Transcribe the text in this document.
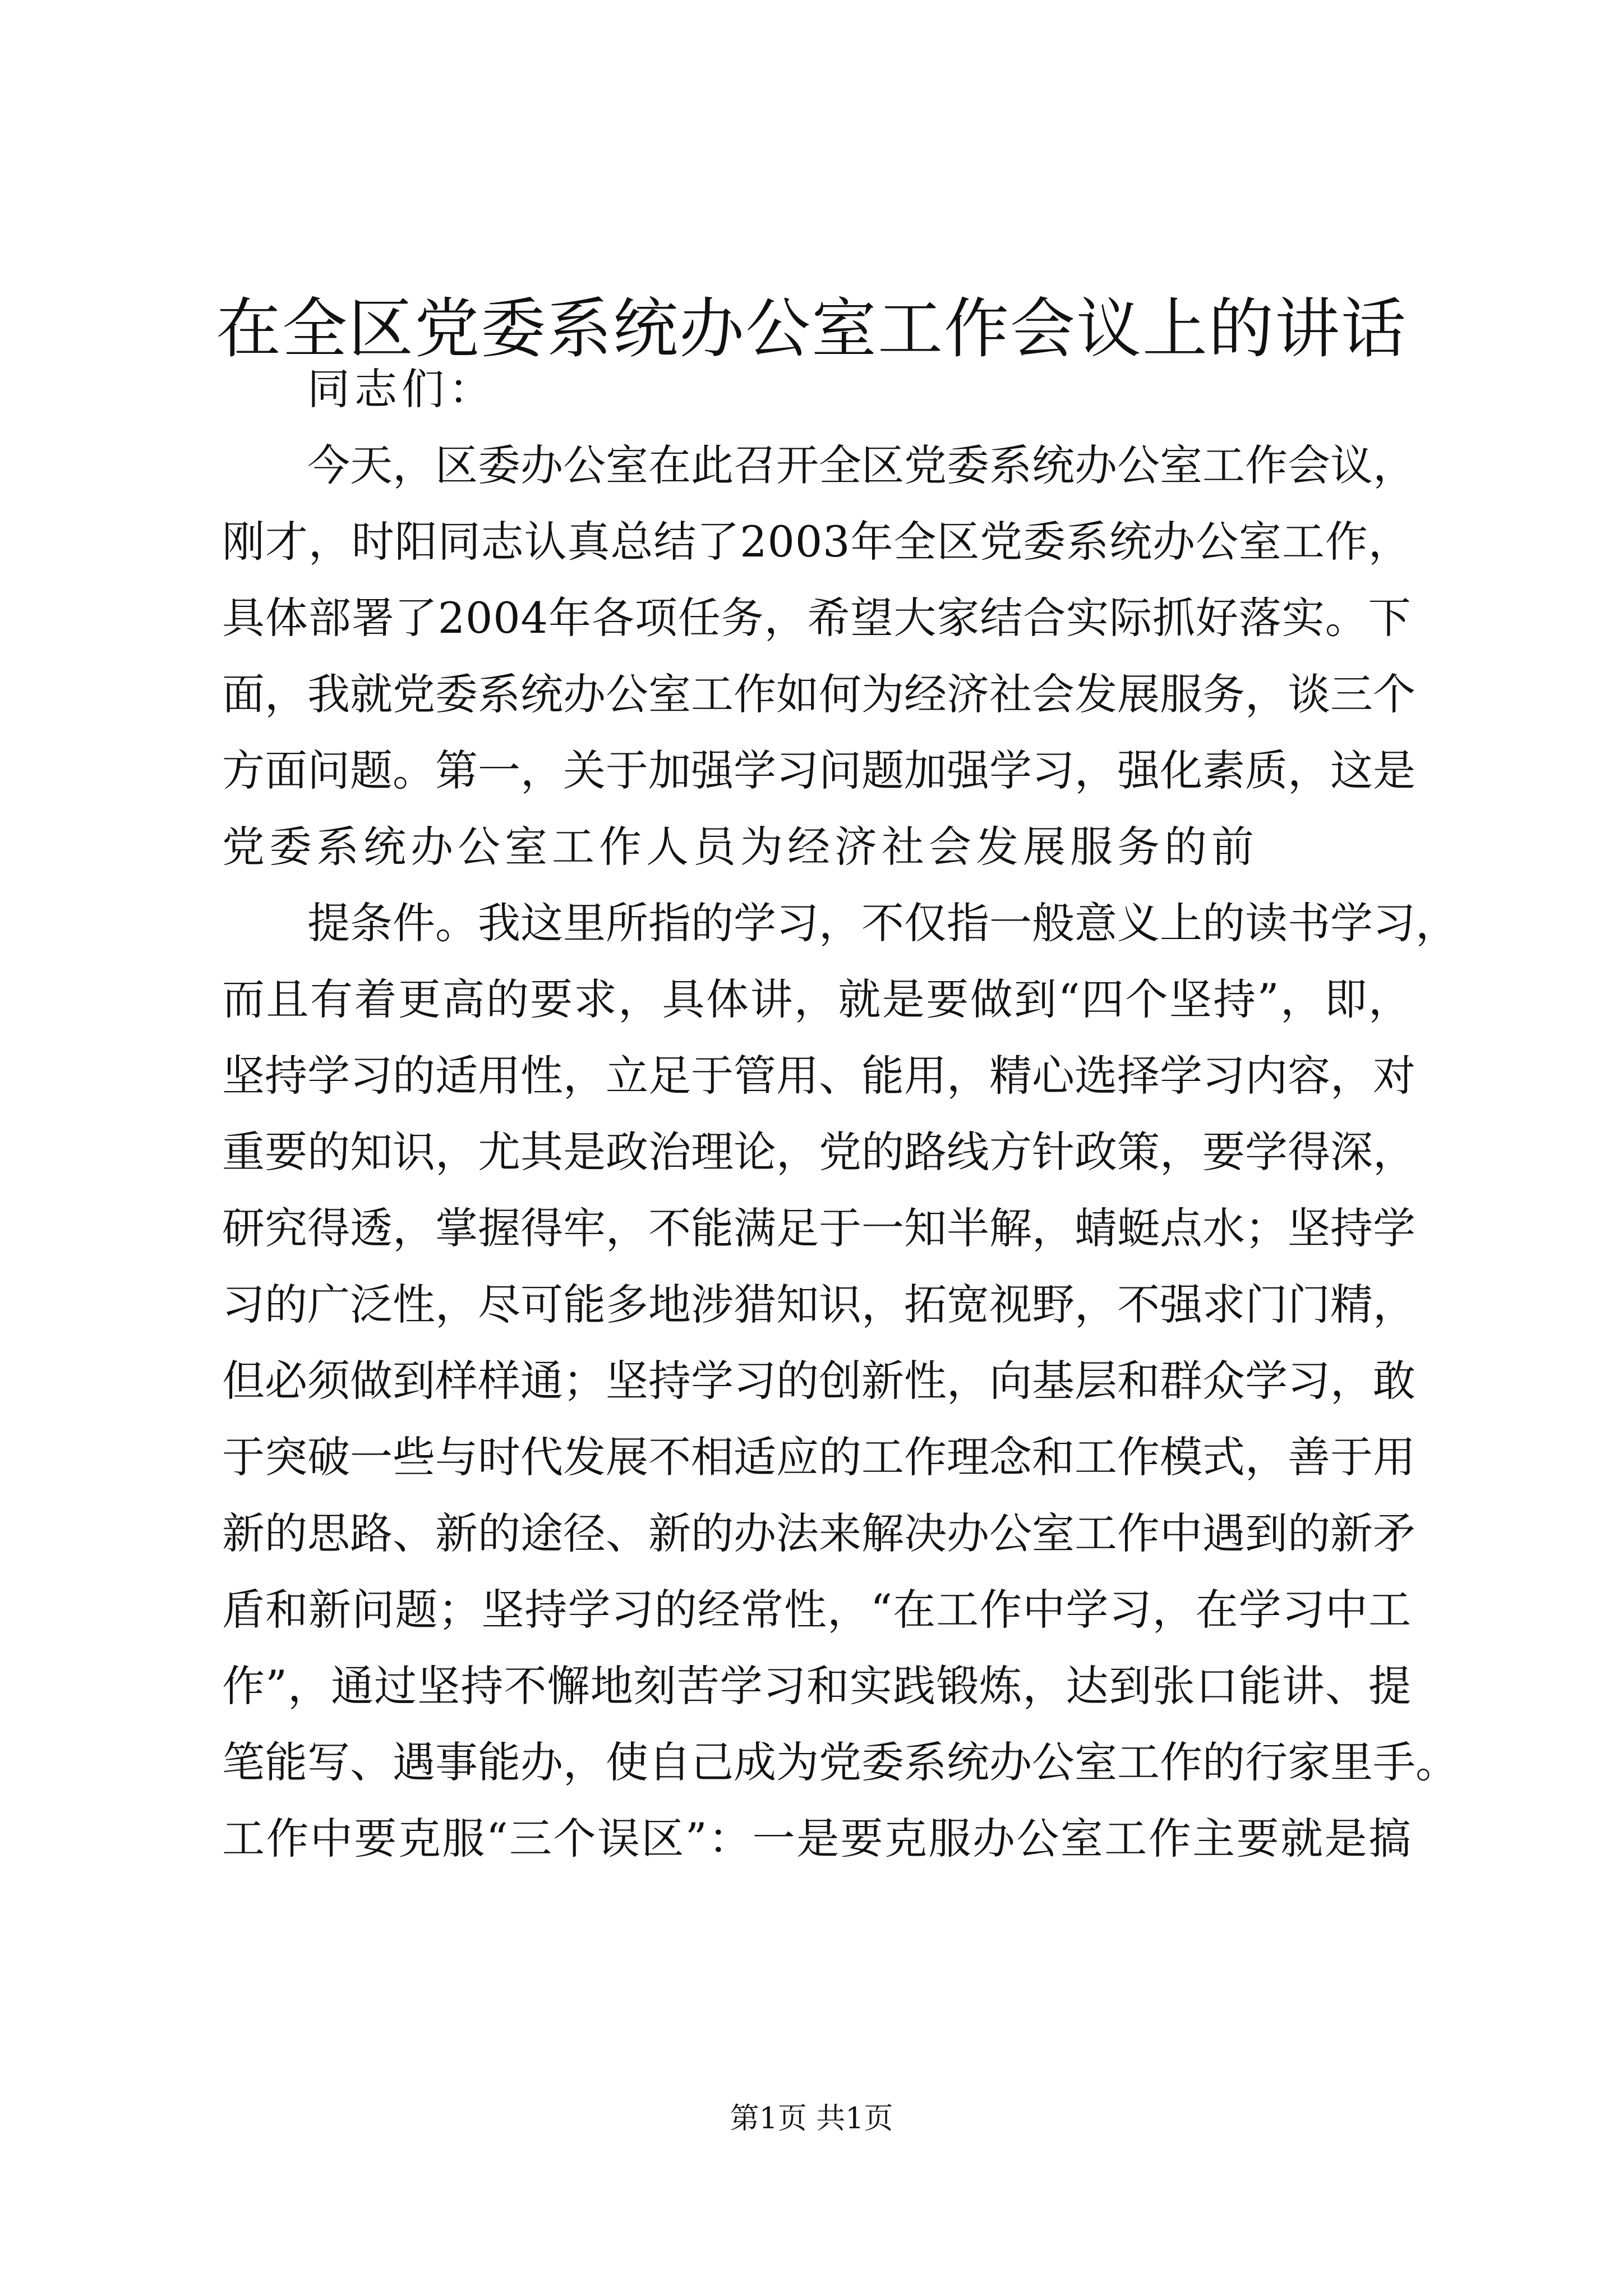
在全区党委系统办公室工作会议上的讲话
同志们：
今 天 ， 区 委 办 公 室 在 此 召 开 全 区 党 委 系 统 办 公 室 工 作 会 议 ，
刚 才 ， 时 阳 同 志 认 真 总 结 了 2 0 0 3 年 全 区 党 委 系 统 办 公 室 工 作 ，
具 体 部 署 了 2 0 0 4 年 各 项 任 务 ， 希 望 大 家 结 合 实 际 抓 好 落 实 。 下
面 ， 我 就 党 委 系 统 办 公 室 工 作 如 何 为 经 济 社 会 发 展 服 务 ， 谈 三 个
方 面 问 题 。 第 一 ， 关 于 加 强 学 习 问 题 加 强 学 习 ， 强 化 素 质 ， 这 是
党委系统办公室工作人员为经济社会发展服务的前
提 条 件 。 我 这 里 所 指 的 学 习 ， 不 仅 指 一 般 意 义 上 的 读 书 学 习 ，
而 且 有 着 更 高 的 要 求 ， 具 体 讲 ， 就 是 要 做 到 “ 四 个 坚 持 ” ， 即 ，
坚 持 学 习 的 适 用 性 ， 立 足 于 管 用 、 能 用 ， 精 心 选 择 学 习 内 容 ， 对
重 要 的 知 识 ， 尤 其 是 政 治 理 论 ， 党 的 路 线 方 针 政 策 ， 要 学 得 深 ，
研 究 得 透 ， 掌 握 得 牢 ， 不 能 满 足 于 一 知 半 解 ， 蜻 蜓 点 水 ； 坚 持 学
习 的 广 泛 性 ， 尽 可 能 多 地 涉 猎 知 识 ， 拓 宽 视 野 ， 不 强 求 门 门 精 ，
但 必 须 做 到 样 样 通 ； 坚 持 学 习 的 创 新 性 ， 向 基 层 和 群 众 学 习 ， 敢
于 突 破 一 些 与 时 代 发 展 不 相 适 应 的 工 作 理 念 和 工 作 模 式 ， 善 于 用
新 的 思 路 、 新 的 途 径 、 新 的 办 法 来 解 决 办 公 室 工 作 中 遇 到 的 新 矛
盾 和 新 问 题 ； 坚 持 学 习 的 经 常 性 ， “ 在 工 作 中 学 习 ， 在 学 习 中 工
作 ” ， 通 过 坚 持 不 懈 地 刻 苦 学 习 和 实 践 锻 炼 ， 达 到 张 口 能 讲 、 提
笔 能 写 、 遇 事 能 办 ， 使 自 己 成 为 党 委 系 统 办 公 室 工 作 的 行 家 里 手 。
工 作 中 要 克 服 “ 三 个 误 区 ” ： 一 是 要 克 服 办 公 室 工 作 主 要 就 是 搞
第1页 共1页
